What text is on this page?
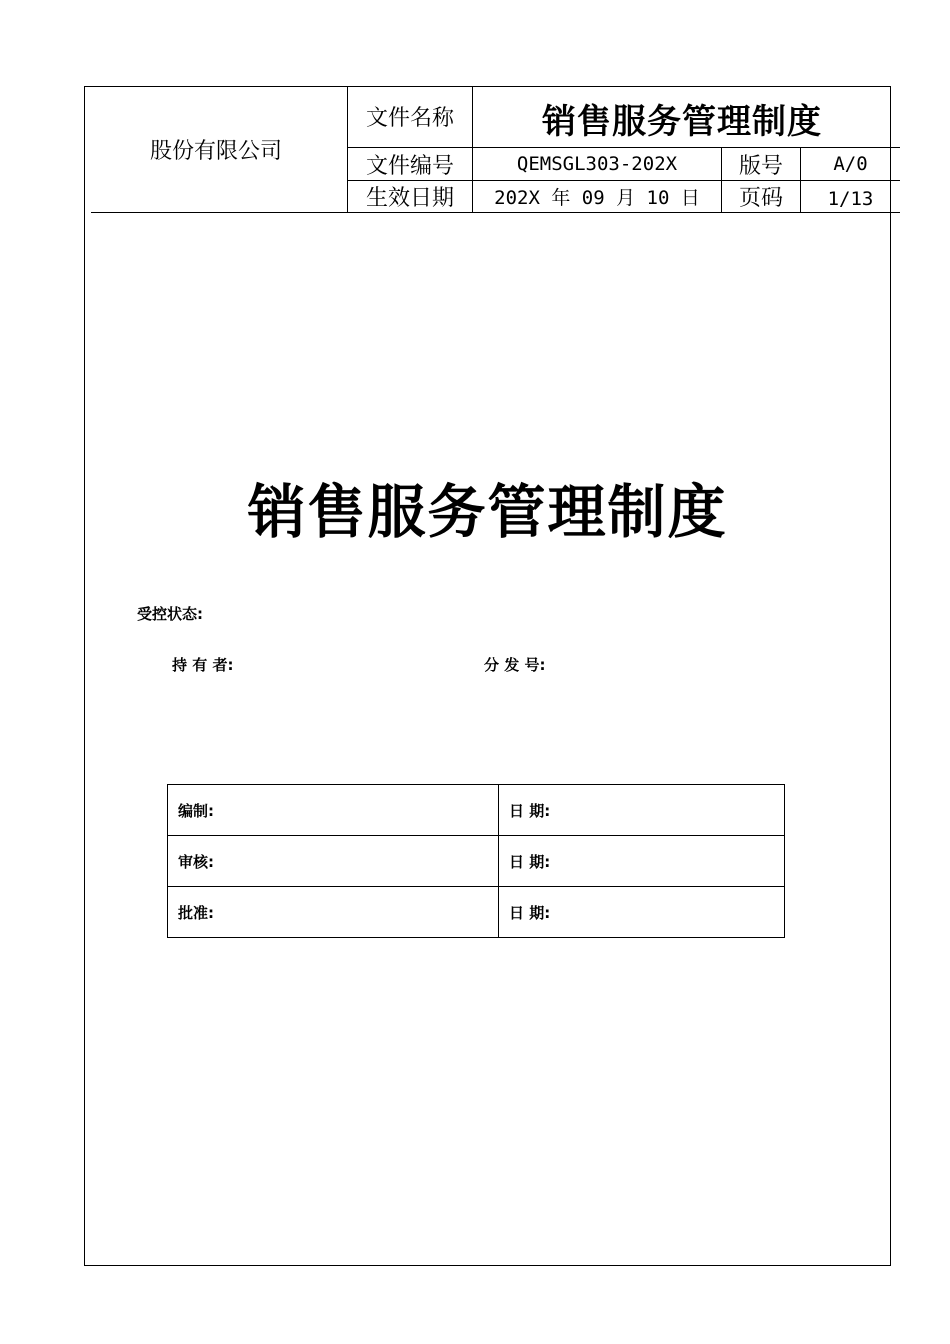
股份有限公司
文件名称	销售服务管理制度
文件编号	QEMSGL303-202X	版号	A/0
生效日期	202X 年 09 月 10 日	页码	1/13
销售服务管理制度
受控状态:
持 有 者:	分 发 号:
编制:	日 期:
审核:	日 期:
批准:	日 期:
